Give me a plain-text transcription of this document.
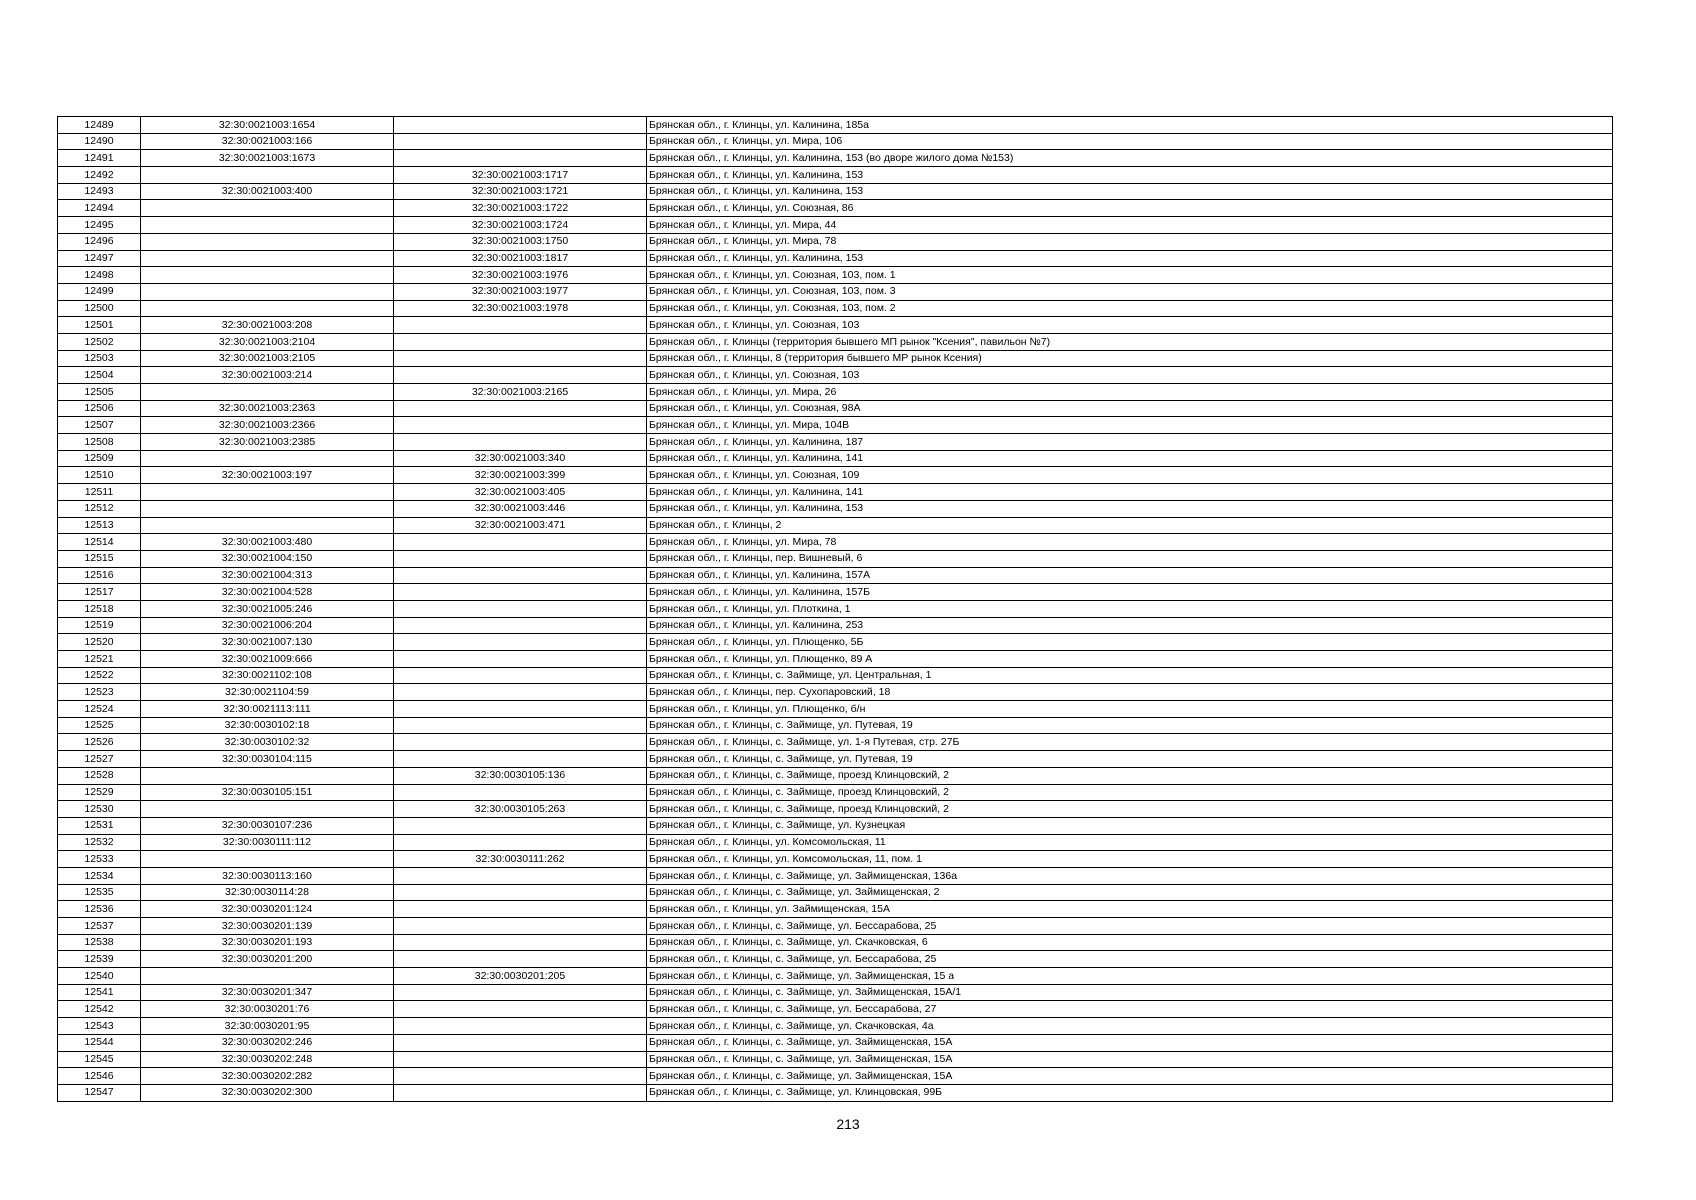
12489	32:30:0021003:1654		Брянская обл., г. Клинцы, ул. Калинина, 185а
12490	32:30:0021003:166		Брянская обл., г. Клинцы, ул. Мира, 106
12491	32:30:0021003:1673		Брянская обл., г. Клинцы, ул. Калинина, 153 (во дворе жилого дома №153)
12492		32:30:0021003:1717	Брянская обл., г. Клинцы, ул. Калинина, 153
12493	32:30:0021003:400	32:30:0021003:1721	Брянская обл., г. Клинцы, ул. Калинина, 153
12494		32:30:0021003:1722	Брянская обл., г. Клинцы, ул. Союзная, 86
12495		32:30:0021003:1724	Брянская обл., г. Клинцы, ул. Мира, 44
12496		32:30:0021003:1750	Брянская обл., г. Клинцы, ул. Мира, 78
12497		32:30:0021003:1817	Брянская обл., г. Клинцы, ул. Калинина, 153
12498		32:30:0021003:1976	Брянская обл., г. Клинцы, ул. Союзная, 103, пом. 1
12499		32:30:0021003:1977	Брянская обл., г. Клинцы, ул. Союзная, 103, пом. 3
12500		32:30:0021003:1978	Брянская обл., г. Клинцы, ул. Союзная, 103, пом. 2
12501	32:30:0021003:208		Брянская обл., г. Клинцы, ул. Союзная, 103
12502	32:30:0021003:2104		Брянская обл., г. Клинцы (территория бывшего МП рынок "Ксения", павильон №7)
12503	32:30:0021003:2105		Брянская обл., г. Клинцы, 8 (территория бывшего МР рынок Ксения)
12504	32:30:0021003:214		Брянская обл., г. Клинцы, ул. Союзная, 103
12505		32:30:0021003:2165	Брянская обл., г. Клинцы, ул. Мира, 26
12506	32:30:0021003:2363		Брянская обл., г. Клинцы, ул. Союзная, 98А
12507	32:30:0021003:2366		Брянская обл., г. Клинцы, ул. Мира, 104В
12508	32:30:0021003:2385		Брянская обл., г. Клинцы, ул. Калинина, 187
12509		32:30:0021003:340	Брянская обл., г. Клинцы, ул. Калинина, 141
12510	32:30:0021003:197	32:30:0021003:399	Брянская обл., г. Клинцы, ул. Союзная, 109
12511		32:30:0021003:405	Брянская обл., г. Клинцы, ул. Калинина, 141
12512		32:30:0021003:446	Брянская обл., г. Клинцы, ул. Калинина, 153
12513		32:30:0021003:471	Брянская обл., г. Клинцы, 2
12514	32:30:0021003:480		Брянская обл., г. Клинцы, ул. Мира, 78
12515	32:30:0021004:150		Брянская обл., г. Клинцы, пер. Вишневый, 6
12516	32:30:0021004:313		Брянская обл., г. Клинцы, ул. Калинина, 157А
12517	32:30:0021004:528		Брянская обл., г. Клинцы, ул. Калинина, 157Б
12518	32:30:0021005:246		Брянская обл., г. Клинцы, ул. Плоткина, 1
12519	32:30:0021006:204		Брянская обл., г. Клинцы, ул. Калинина, 253
12520	32:30:0021007:130		Брянская обл., г. Клинцы, ул. Плющенко, 5Б
12521	32:30:0021009:666		Брянская обл., г. Клинцы, ул. Плющенко, 89 А
12522	32:30:0021102:108		Брянская обл., г. Клинцы, с. Займище, ул. Центральная, 1
12523	32:30:0021104:59		Брянская обл., г. Клинцы, пер. Сухопаровский, 18
12524	32:30:0021113:111		Брянская обл., г. Клинцы, ул. Плющенко, б/н
12525	32:30:0030102:18		Брянская обл., г. Клинцы, с. Займище, ул. Путевая, 19
12526	32:30:0030102:32		Брянская обл., г. Клинцы, с. Займище, ул. 1-я Путевая, стр. 27Б
12527	32:30:0030104:115		Брянская обл., г. Клинцы, с. Займище, ул. Путевая, 19
12528		32:30:0030105:136	Брянская обл., г. Клинцы, с. Займище, проезд Клинцовский, 2
12529	32:30:0030105:151		Брянская обл., г. Клинцы, с. Займище, проезд Клинцовский, 2
12530		32:30:0030105:263	Брянская обл., г. Клинцы, с. Займище, проезд Клинцовский, 2
12531	32:30:0030107:236		Брянская обл., г. Клинцы, с. Займище, ул. Кузнецкая
12532	32:30:0030111:112		Брянская обл., г. Клинцы, ул. Комсомольская, 11
12533		32:30:0030111:262	Брянская обл., г. Клинцы, ул. Комсомольская, 11, пом. 1
12534	32:30:0030113:160		Брянская обл., г. Клинцы, с. Займище, ул. Займищенская, 136а
12535	32:30:0030114:28		Брянская обл., г. Клинцы, с. Займище, ул. Займищенская, 2
12536	32:30:0030201:124		Брянская обл., г. Клинцы, ул. Займищенская, 15А
12537	32:30:0030201:139		Брянская обл., г. Клинцы, с. Займище, ул. Бессарабова, 25
12538	32:30:0030201:193		Брянская обл., г. Клинцы, с. Займище, ул. Скачковская, 6
12539	32:30:0030201:200		Брянская обл., г. Клинцы, с. Займище, ул. Бессарабова, 25
12540		32:30:0030201:205	Брянская обл., г. Клинцы, с. Займище, ул. Займищенская, 15 а
12541	32:30:0030201:347		Брянская обл., г. Клинцы, с. Займище, ул. Займищенская, 15А/1
12542	32:30:0030201:76		Брянская обл., г. Клинцы, с. Займище, ул. Бессарабова, 27
12543	32:30:0030201:95		Брянская обл., г. Клинцы, с. Займище, ул. Скачковская, 4а
12544	32:30:0030202:246		Брянская обл., г. Клинцы, с. Займище, ул. Займищенская, 15А
12545	32:30:0030202:248		Брянская обл., г. Клинцы, с. Займище, ул. Займищенская, 15А
12546	32:30:0030202:282		Брянская обл., г. Клинцы, с. Займище, ул. Займищенская, 15А
12547	32:30:0030202:300		Брянская обл., г. Клинцы, с. Займище, ул. Клинцовская, 99Б
213
